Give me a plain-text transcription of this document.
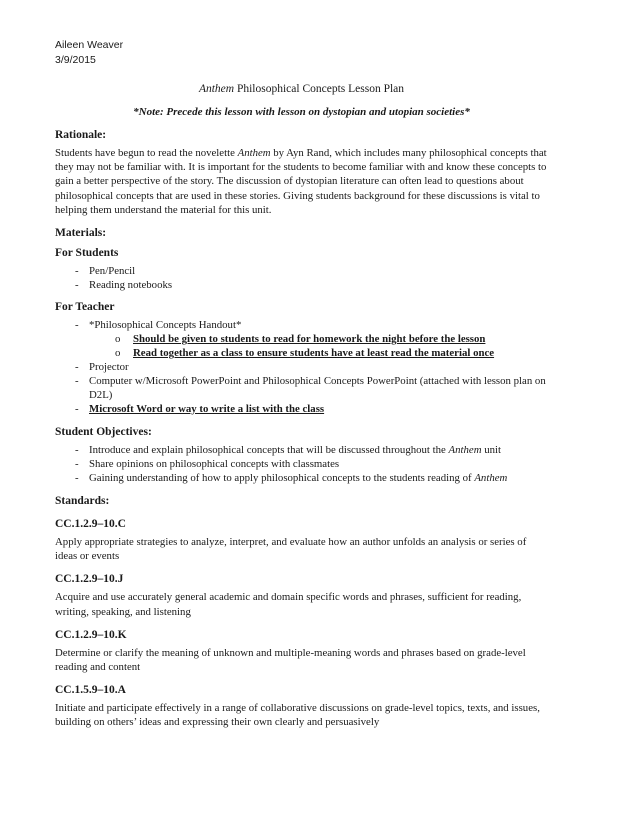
Aileen Weaver
3/9/2015
Anthem Philosophical Concepts Lesson Plan
*Note: Precede this lesson with lesson on dystopian and utopian societies*
Rationale:

Students have begun to read the novelette Anthem by Ayn Rand, which includes many philosophical concepts that they may not be familiar with. It is important for the students to become familiar with and know these concepts to gain a better perspective of the story. The discussion of dystopian literature can often lead to questions about philosophical concepts that are used in these stories. Giving students background for these discussions is vital to helping them understand the material for this unit.

Materials:
For Students
- Pen/Pencil
- Reading notebooks
For Teacher
- *Philosophical Concepts Handout*
o Should be given to students to read for homework the night before the lesson
o Read together as a class to ensure students have at least read the material once
- Projector
- Computer w/Microsoft PowerPoint and Philosophical Concepts PowerPoint (attached with lesson plan on D2L)
- Microsoft Word or way to write a list with the class
Student Objectives:
- Introduce and explain philosophical concepts that will be discussed throughout the Anthem unit
- Share opinions on philosophical concepts with classmates
- Gaining understanding of how to apply philosophical concepts to the students reading of Anthem
Standards:
CC.1.2.9–10.C

Apply appropriate strategies to analyze, interpret, and evaluate how an author unfolds an analysis or series of ideas or events

CC.1.2.9–10.J

Acquire and use accurately general academic and domain specific words and phrases, sufficient for reading, writing, speaking, and listening

CC.1.2.9–10.K

Determine or clarify the meaning of unknown and multiple-meaning words and phrases based on grade-level reading and content

CC.1.5.9–10.A

Initiate and participate effectively in a range of collaborative discussions on grade-level topics, texts, and issues, building on others’ ideas and expressing their own clearly and persuasively
